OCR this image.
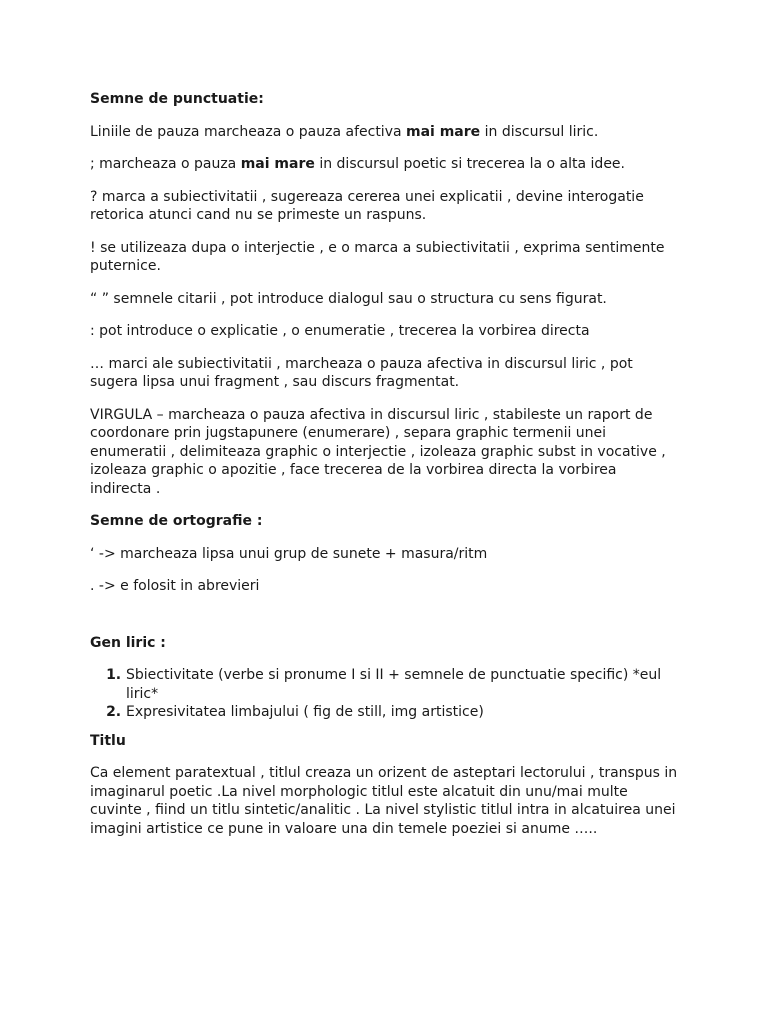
Semne de punctuatie:

Liniile de pauza marcheaza o pauza afectiva mai mare in discursul liric.

; marcheaza o pauza mai mare in discursul poetic si trecerea la o alta idee.

? marca a subiectivitatii , sugereaza cererea unei explicatii , devine interogatie retorica atunci cand nu se primeste un raspuns.

! se utilizeaza dupa o interjectie , e o marca a subiectivitatii , exprima sentimente puternice.

“ ” semnele citarii , pot introduce dialogul sau o structura cu sens figurat.

: pot introduce o explicatie , o enumeratie , trecerea la vorbirea directa

… marci ale subiectivitatii , marcheaza o pauza afectiva in discursul liric , pot sugera lipsa unui fragment , sau discurs fragmentat.

VIRGULA – marcheaza o pauza afectiva in discursul liric , stabileste un raport de coordonare prin jugstapunere (enumerare) , separa graphic termenii unei enumeratii , delimiteaza graphic o interjectie , izoleaza graphic subst in vocative , izoleaza graphic o apozitie , face trecerea de la vorbirea directa la vorbirea indirecta .

Semne de ortografie :

‘ -> marcheaza lipsa unui grup de sunete + masura/ritm

. -> e folosit in abrevieri

Gen liric :
1. Sbiectivitate (verbe si pronume I si II + semnele de punctuatie specific) *eul liric*
2. Expresivitatea limbajului ( fig de still, img artistice)
Titlu

Ca element paratextual , titlul creaza un orizent de asteptari lectorului , transpus in imaginarul poetic .La nivel morphologic titlul este alcatuit din unu/mai multe cuvinte , fiind un titlu sintetic/analitic . La nivel stylistic titlul intra in alcatuirea unei imagini artistice ce pune in valoare una din temele poeziei si anume …..
